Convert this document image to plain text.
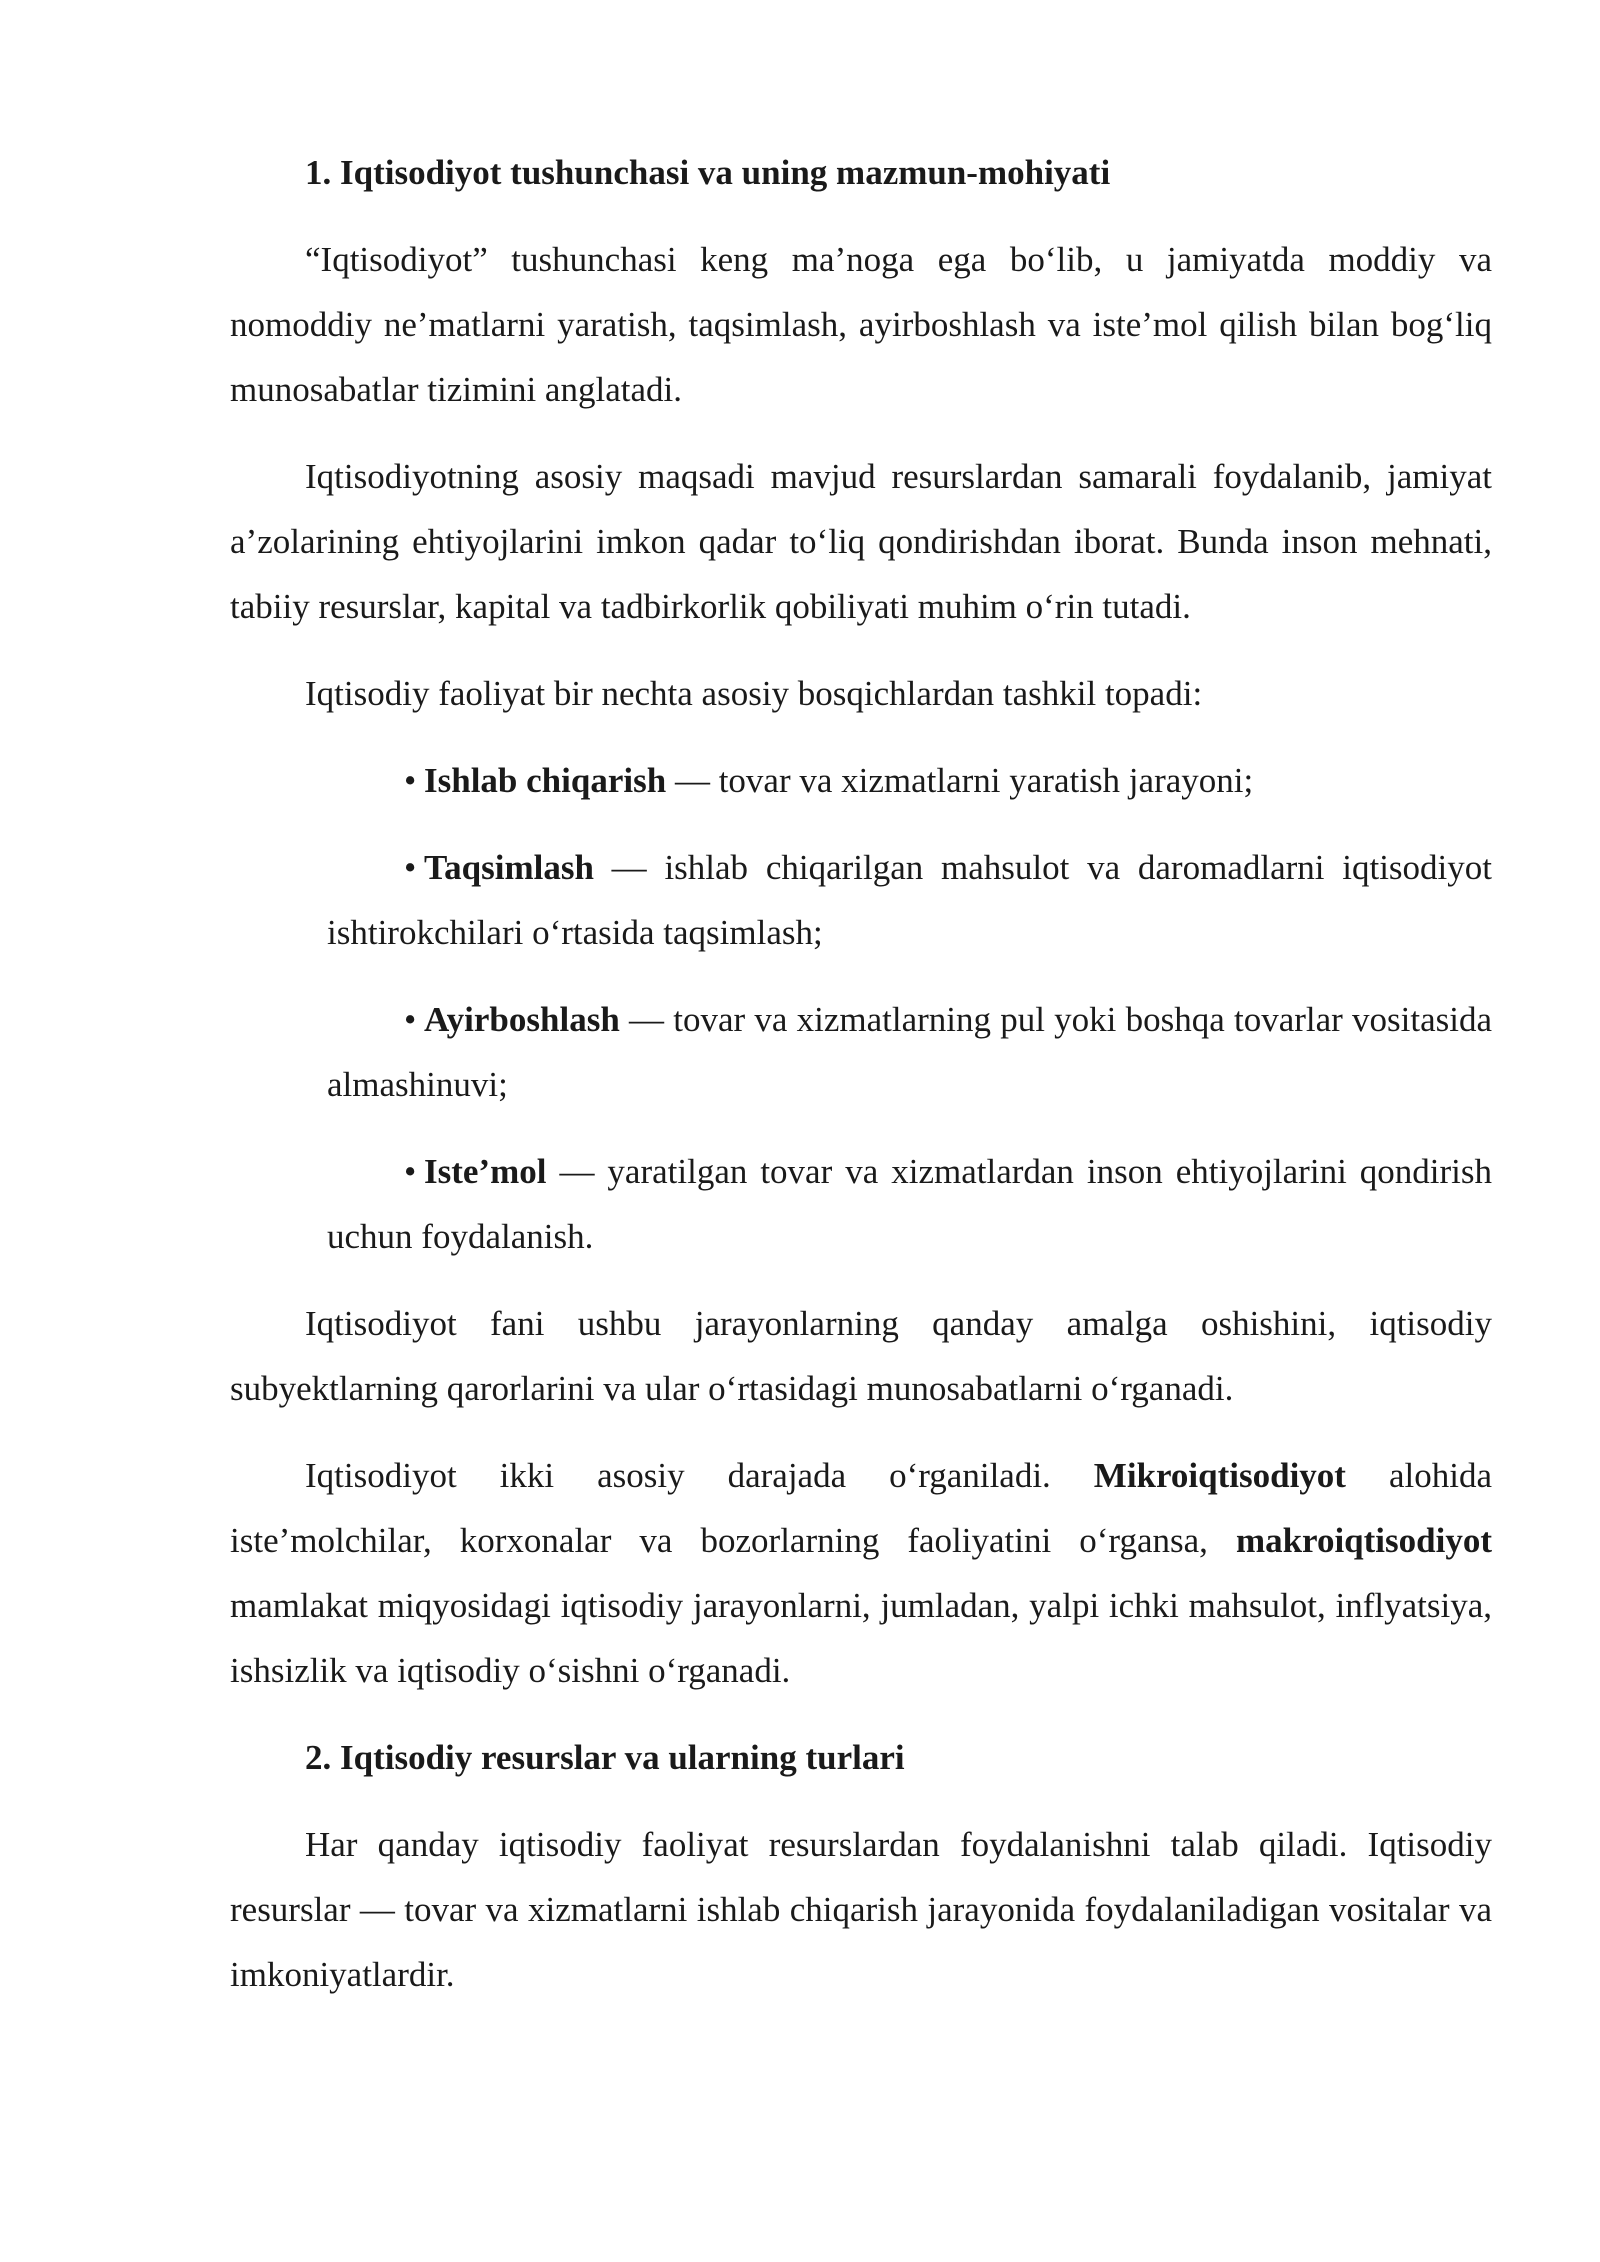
1. Iqtisodiyot tushunchasi va uning mazmun-mohiyati

“Iqtisodiyot” tushunchasi keng ma’noga ega bo‘lib, u jamiyatda moddiy va nomoddiy ne’matlarni yaratish, taqsimlash, ayirboshlash va iste’mol qilish bilan bog‘liq munosabatlar tizimini anglatadi.

Iqtisodiyotning asosiy maqsadi mavjud resurslardan samarali foydalanib, jamiyat a’zolarining ehtiyojlarini imkon qadar to‘liq qondirishdan iborat. Bunda inson mehnati, tabiiy resurslar, kapital va tadbirkorlik qobiliyati muhim o‘rin tutadi.

Iqtisodiy faoliyat bir nechta asosiy bosqichlardan tashkil topadi:

• Ishlab chiqarish — tovar va xizmatlarni yaratish jarayoni;
• Taqsimlash — ishlab chiqarilgan mahsulot va daromadlarni iqtisodiyot ishtirokchilari o‘rtasida taqsimlash;
• Ayirboshlash — tovar va xizmatlarning pul yoki boshqa tovarlar vositasida almashinuvi;
• Iste’mol — yaratilgan tovar va xizmatlardan inson ehtiyojlarini qondirish uchun foydalanish.

Iqtisodiyot fani ushbu jarayonlarning qanday amalga oshishini, iqtisodiy subyektlarning qarorlarini va ular o‘rtasidagi munosabatlarni o‘rganadi.

Iqtisodiyot ikki asosiy darajada o‘rganiladi. Mikroiqtisodiyot alohida iste’molchilar, korxonalar va bozorlarning faoliyatini o‘rgansa, makroiqtisodiyot mamlakat miqyosidagi iqtisodiy jarayonlarni, jumladan, yalpi ichki mahsulot, inflyatsiya, ishsizlik va iqtisodiy o‘sishni o‘rganadi.

2. Iqtisodiy resurslar va ularning turlari

Har qanday iqtisodiy faoliyat resurslardan foydalanishni talab qiladi. Iqtisodiy resurslar — tovar va xizmatlarni ishlab chiqarish jarayonida foydalaniladigan vositalar va imkoniyatlardir.
